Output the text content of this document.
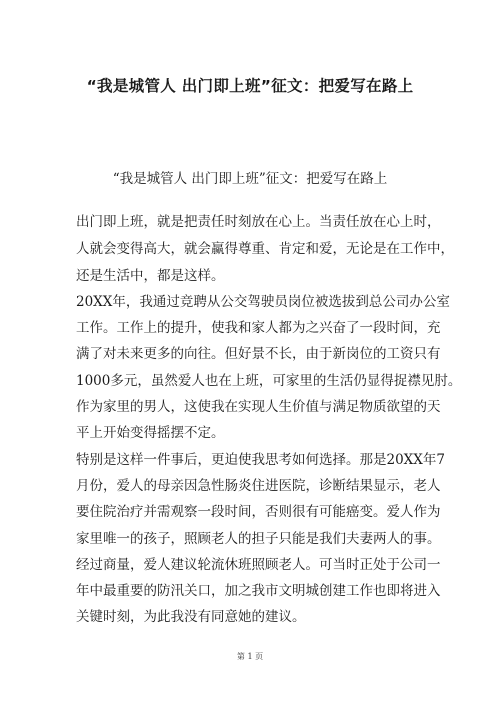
“我是城管人 出门即上班”征文：把爱写在路上
“我是城管人 出门即上班”征文：把爱写在路上
出门即上班，就是把责任时刻放在心上。当责任放在心上时，
人就会变得高大，就会赢得尊重、肯定和爱，无论是在工作中，
还是生活中，都是这样。
20XX年，我通过竞聘从公交驾驶员岗位被选拔到总公司办公室
工作。工作上的提升，使我和家人都为之兴奋了一段时间，充
满了对未来更多的向往。但好景不长，由于新岗位的工资只有
1000多元，虽然爱人也在上班，可家里的生活仍显得捉襟见肘。
作为家里的男人，这使我在实现人生价值与满足物质欲望的天
平上开始变得摇摆不定。
特别是这样一件事后，更迫使我思考如何选择。那是20XX年7
月份，爱人的母亲因急性肠炎住进医院，诊断结果显示，老人
要住院治疗并需观察一段时间，否则很有可能癌变。爱人作为
家里唯一的孩子，照顾老人的担子只能是我们夫妻两人的事。
经过商量，爱人建议轮流休班照顾老人。可当时正处于公司一
年中最重要的防汛关口，加之我市文明城创建工作也即将进入
关键时刻，为此我没有同意她的建议。
第 1 页
